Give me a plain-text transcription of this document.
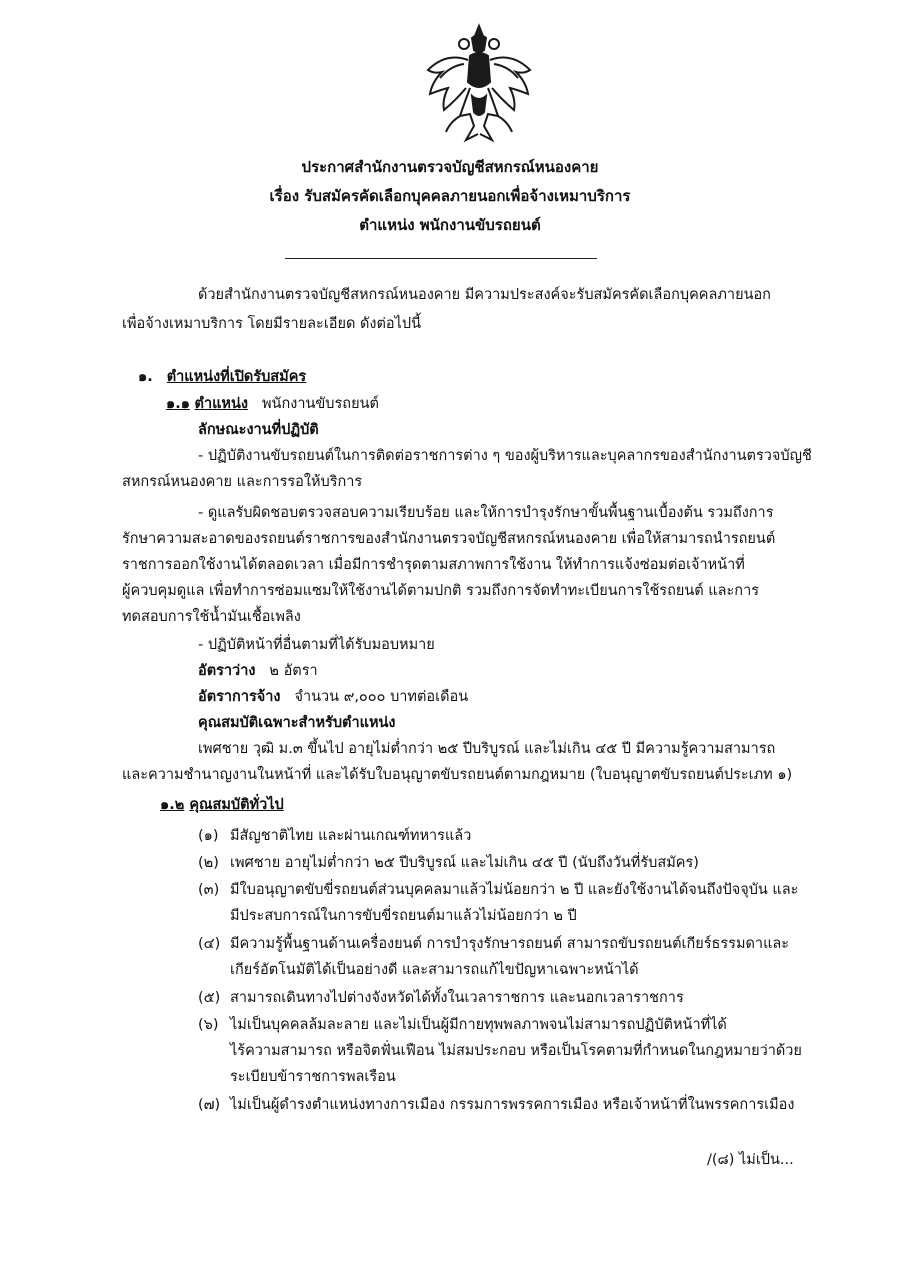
ประกาศสำนักงานตรวจบัญชีสหกรณ์หนองคาย
เรื่อง รับสมัครคัดเลือกบุคคลภายนอกเพื่อจ้างเหมาบริการ
ตำแหน่ง พนักงานขับรถยนต์
ด้วยสำนักงานตรวจบัญชีสหกรณ์หนองคาย มีความประสงค์จะรับสมัครคัดเลือกบุคคลภายนอก
เพื่อจ้างเหมาบริการ โดยมีรายละเอียด ดังต่อไปนี้
๑. ตำแหน่งที่เปิดรับสมัคร
๑.๑ ตำแหน่ง พนักงานขับรถยนต์
ลักษณะงานที่ปฏิบัติ
- ปฏิบัติงานขับรถยนต์ในการติดต่อราชการต่าง ๆ ของผู้บริหารและบุคลากรของสำนักงานตรวจบัญชี
สหกรณ์หนองคาย และการรอให้บริการ
- ดูแลรับผิดชอบตรวจสอบความเรียบร้อย และให้การบำรุงรักษาขั้นพื้นฐานเบื้องต้น รวมถึงการ
รักษาความสะอาดของรถยนต์ราชการของสำนักงานตรวจบัญชีสหกรณ์หนองคาย เพื่อให้สามารถนำรถยนต์
ราชการออกใช้งานได้ตลอดเวลา เมื่อมีการชำรุดตามสภาพการใช้งาน ให้ทำการแจ้งซ่อมต่อเจ้าหน้าที่
ผู้ควบคุมดูแล เพื่อทำการซ่อมแซมให้ใช้งานได้ตามปกติ รวมถึงการจัดทำทะเบียนการใช้รถยนต์ และการ
ทดสอบการใช้น้ำมันเชื้อเพลิง
- ปฏิบัติหน้าที่อื่นตามที่ได้รับมอบหมาย
อัตราว่าง ๒ อัตรา
อัตราการจ้าง จำนวน ๙,๐๐๐ บาทต่อเดือน
คุณสมบัติเฉพาะสำหรับตำแหน่ง
เพศชาย วุฒิ ม.๓ ขึ้นไป อายุไม่ต่ำกว่า ๒๕ ปีบริบูรณ์ และไม่เกิน ๔๕ ปี มีความรู้ความสามารถ
และความชำนาญงานในหน้าที่ และได้รับใบอนุญาตขับรถยนต์ตามกฎหมาย (ใบอนุญาตขับรถยนต์ประเภท ๑)
๑.๒ คุณสมบัติทั่วไป
(๑) มีสัญชาติไทย และผ่านเกณฑ์ทหารแล้ว
(๒) เพศชาย อายุไม่ต่ำกว่า ๒๕ ปีบริบูรณ์ และไม่เกิน ๔๕ ปี (นับถึงวันที่รับสมัคร)
(๓) มีใบอนุญาตขับขี่รถยนต์ส่วนบุคคลมาแล้วไม่น้อยกว่า ๒ ปี และยังใช้งานได้จนถึงปัจจุบัน และ
มีประสบการณ์ในการขับขี่รถยนต์มาแล้วไม่น้อยกว่า ๒ ปี
(๔) มีความรู้พื้นฐานด้านเครื่องยนต์ การบำรุงรักษารถยนต์ สามารถขับรถยนต์เกียร์ธรรมดาและ
เกียร์อัตโนมัติได้เป็นอย่างดี และสามารถแก้ไขปัญหาเฉพาะหน้าได้
(๕) สามารถเดินทางไปต่างจังหวัดได้ทั้งในเวลาราชการ และนอกเวลาราชการ
(๖) ไม่เป็นบุคคลล้มละลาย และไม่เป็นผู้มีกายทุพพลภาพจนไม่สามารถปฏิบัติหน้าที่ได้
ไร้ความสามารถ หรือจิตฟั่นเฟือน ไม่สมประกอบ หรือเป็นโรคตามที่กำหนดในกฎหมายว่าด้วย
ระเบียบข้าราชการพลเรือน
(๗) ไม่เป็นผู้ดำรงตำแหน่งทางการเมือง กรรมการพรรคการเมือง หรือเจ้าหน้าที่ในพรรคการเมือง
/(๘) ไม่เป็น...
